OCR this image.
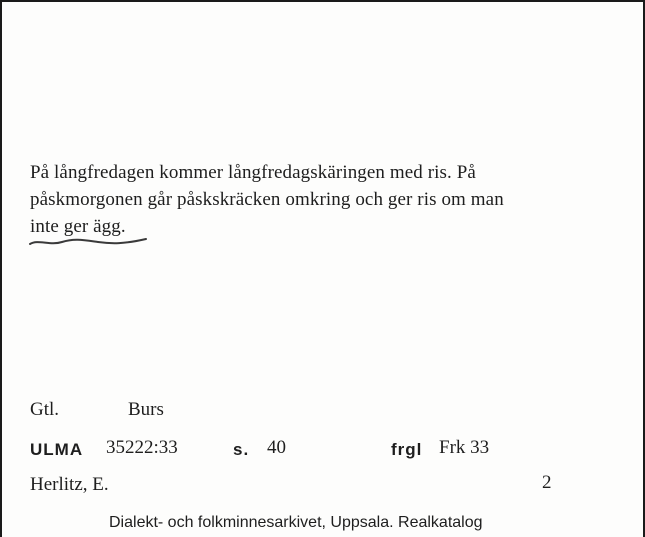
På långfredagen kommer långfredagskäringen med ris. På
påskmorgonen går påskskräcken omkring och ger ris om man
inte ger ägg.
Gtl.	Burs
ULMA 35222:33	s. 40	frgl Frk 33
Herlitz, E.	2
Dialekt- och folkminnesarkivet, Uppsala. Realkatalog
